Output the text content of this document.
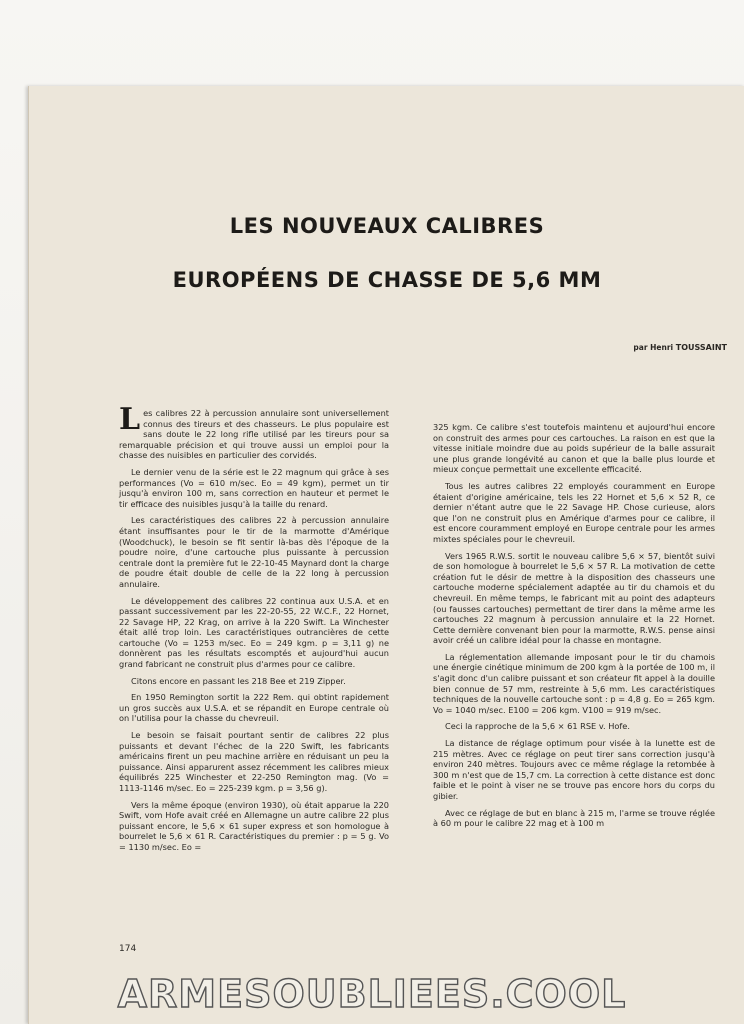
LES NOUVEAUX CALIBRES
EUROPÉENS DE CHASSE DE 5,6 MM
par Henri TOUSSAINT

Les calibres 22 à percussion annulaire sont universellement connus des tireurs et des chasseurs. Le plus populaire est sans doute le 22 long rifle utilisé par les tireurs pour sa remarquable précision et qui trouve aussi un emploi pour la chasse des nuisibles en particulier des corvidés.

Le dernier venu de la série est le 22 magnum qui grâce à ses performances (Vo = 610 m/sec. Eo = 49 kgm), permet un tir jusqu'à environ 100 m, sans correction en hauteur et permet le tir efficace des nuisibles jusqu'à la taille du renard.

Les caractéristiques des calibres 22 à percussion annulaire étant insuffisantes pour le tir de la marmotte d'Amérique (Woodchuck), le besoin se fit sentir là-bas dès l'époque de la poudre noire, d'une cartouche plus puissante à percussion centrale dont la première fut le 22-10-45 Maynard dont la charge de poudre était double de celle de la 22 long à percussion annulaire.

Le développement des calibres 22 continua aux U.S.A. et en passant successivement par les 22-20-55, 22 W.C.F., 22 Hornet, 22 Savage HP, 22 Krag, on arrive à la 220 Swift. La Winchester était allé trop loin. Les caractéristiques outrancières de cette cartouche (Vo = 1253 m/sec. Eo = 249 kgm. p = 3,11 g) ne donnèrent pas les résultats escomptés et aujourd'hui aucun grand fabricant ne construit plus d'armes pour ce calibre.

Citons encore en passant les 218 Bee et 219 Zipper.

En 1950 Remington sortit la 222 Rem. qui obtint rapidement un gros succès aux U.S.A. et se répandit en Europe centrale où on l'utilisa pour la chasse du chevreuil.

Le besoin se faisait pourtant sentir de calibres 22 plus puissants et devant l'échec de la 220 Swift, les fabricants américains firent un peu machine arrière en réduisant un peu la puissance. Ainsi apparurent assez récemment les calibres mieux équilibrés 225 Winchester et 22-250 Remington mag. (Vo = 1113-1146 m/sec. Eo = 225-239 kgm. p = 3,56 g).

Vers la même époque (environ 1930), où était apparue la 220 Swift, vom Hofe avait créé en Allemagne un autre calibre 22 plus puissant encore, le 5,6 × 61 super express et son homologue à bourrelet le 5,6 × 61 R. Caractéristiques du premier : p = 5 g. Vo = 1130 m/sec. Eo =

325 kgm. Ce calibre s'est toutefois maintenu et aujourd'hui encore on construit des armes pour ces cartouches. La raison en est que la vitesse initiale moindre due au poids supérieur de la balle assurait une plus grande longévité au canon et que la balle plus lourde et mieux conçue permettait une excellente efficacité.

Tous les autres calibres 22 employés couramment en Europe étaient d'origine américaine, tels les 22 Hornet et 5,6 × 52 R, ce dernier n'étant autre que le 22 Savage HP. Chose curieuse, alors que l'on ne construit plus en Amérique d'armes pour ce calibre, il est encore couramment employé en Europe centrale pour les armes mixtes spéciales pour le chevreuil.

Vers 1965 R.W.S. sortit le nouveau calibre 5,6 × 57, bientôt suivi de son homologue à bourrelet le 5,6 × 57 R. La motivation de cette création fut le désir de mettre à la disposition des chasseurs une cartouche moderne spécialement adaptée au tir du chamois et du chevreuil. En même temps, le fabricant mit au point des adapteurs (ou fausses cartouches) permettant de tirer dans la même arme les cartouches 22 magnum à percussion annulaire et la 22 Hornet. Cette dernière convenant bien pour la marmotte, R.W.S. pense ainsi avoir créé un calibre idéal pour la chasse en montagne.

La réglementation allemande imposant pour le tir du chamois une énergie cinétique minimum de 200 kgm à la portée de 100 m, il s'agit donc d'un calibre puissant et son créateur fit appel à la douille bien connue de 57 mm, restreinte à 5,6 mm. Les caractéristiques techniques de la nouvelle cartouche sont : p = 4,8 g. Eo = 265 kgm. Vo = 1040 m/sec. E100 = 206 kgm. V100 = 919 m/sec.

Ceci la rapproche de la 5,6 × 61 RSE v. Hofe.

La distance de réglage optimum pour visée à la lunette est de 215 mètres. Avec ce réglage on peut tirer sans correction jusqu'à environ 240 mètres. Toujours avec ce même réglage la retombée à 300 m n'est que de 15,7 cm. La correction à cette distance est donc faible et le point à viser ne se trouve pas encore hors du corps du gibier.

Avec ce réglage de but en blanc à 215 m, l'arme se trouve réglée à 60 m pour le calibre 22 mag et à 100 m

174
ARMESOUBLIEES.COOL
